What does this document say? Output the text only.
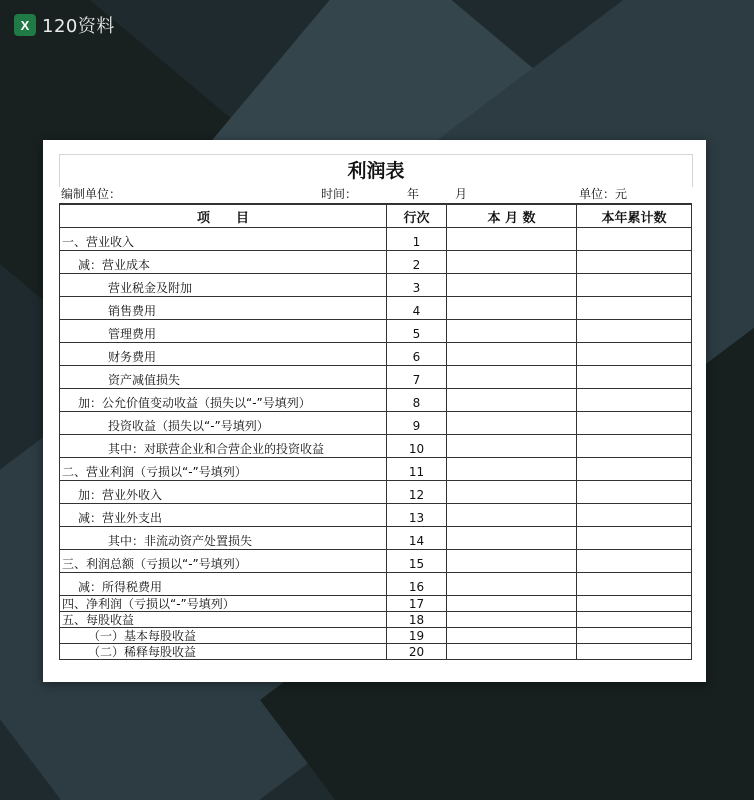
X 120资料
利润表
编制单位：	时间：	年	月	单位：元
项　　目	行次	本 月 数	本年累计数
一、营业收入	1		
减：营业成本	2		
营业税金及附加	3		
销售费用	4		
管理费用	5		
财务费用	6		
资产减值损失	7		
加：公允价值变动收益（损失以“-”号填列）	8		
投资收益（损失以“-”号填列）	9		
其中：对联营企业和合营企业的投资收益	10		
二、营业利润（亏损以“-”号填列）	11		
加：营业外收入	12		
减：营业外支出	13		
其中：非流动资产处置损失	14		
三、利润总额（亏损以“-”号填列）	15		
减：所得税费用	16		
四、净利润（亏损以“-”号填列）	17		
五、每股收益	18		
（一）基本每股收益	19		
（二）稀释每股收益	20		
